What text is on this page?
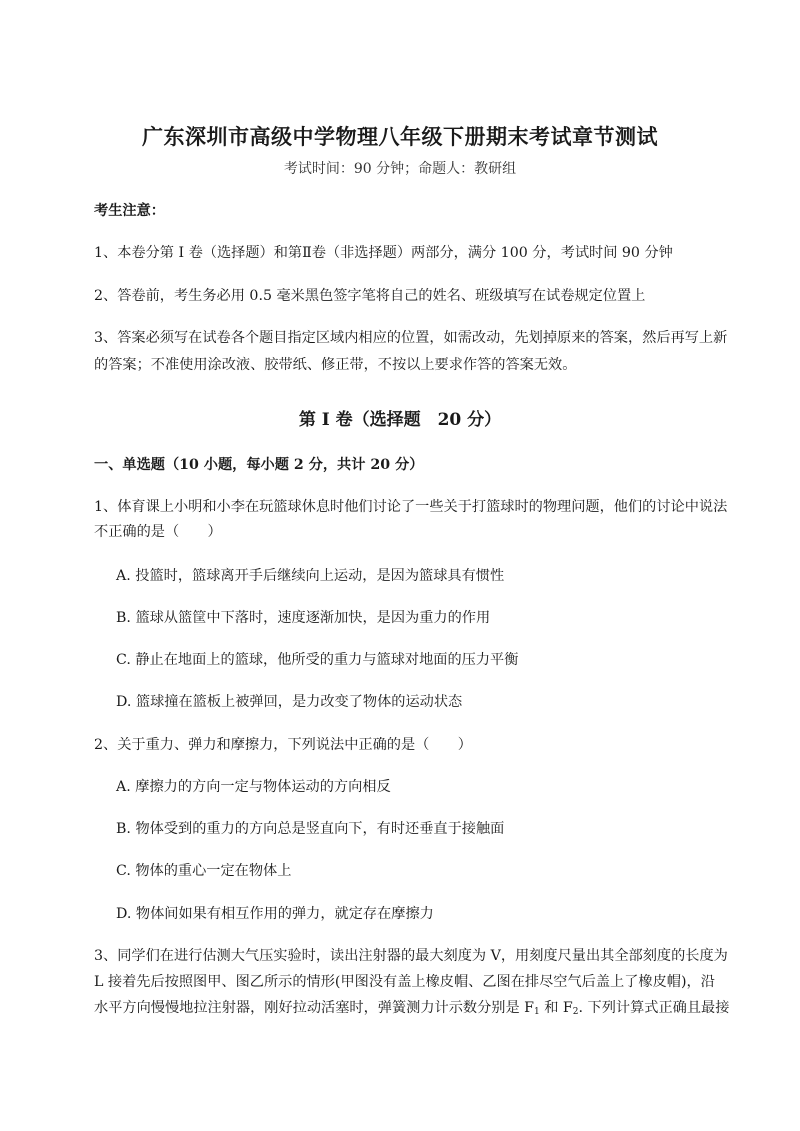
广东深圳市高级中学物理八年级下册期末考试章节测试
考试时间：90 分钟；命题人：教研组
考生注意：
1、本卷分第 I 卷（选择题）和第Ⅱ卷（非选择题）两部分，满分 100 分，考试时间 90 分钟
2、答卷前，考生务必用 0.5 毫米黑色签字笔将自己的姓名、班级填写在试卷规定位置上
3、答案必须写在试卷各个题目指定区域内相应的位置，如需改动，先划掉原来的答案，然后再写上新
的答案；不准使用涂改液、胶带纸、修正带，不按以上要求作答的答案无效。
第 I 卷（选择题　20 分）
一、单选题（10 小题，每小题 2 分，共计 20 分）
1、体育课上小明和小李在玩篮球休息时他们讨论了一些关于打篮球时的物理问题，他们的讨论中说法
不正确的是（　　）
A. 投篮时，篮球离开手后继续向上运动，是因为篮球具有惯性
B. 篮球从篮筐中下落时，速度逐渐加快，是因为重力的作用
C. 静止在地面上的篮球，他所受的重力与篮球对地面的压力平衡
D. 篮球撞在篮板上被弹回，是力改变了物体的运动状态
2、关于重力、弹力和摩擦力，下列说法中正确的是（　　）
A. 摩擦力的方向一定与物体运动的方向相反
B. 物体受到的重力的方向总是竖直向下，有时还垂直于接触面
C. 物体的重心一定在物体上
D. 物体间如果有相互作用的弹力，就定存在摩擦力
3、同学们在进行估测大气压实验时，读出注射器的最大刻度为 V，用刻度尺量出其全部刻度的长度为
L 接着先后按照图甲、图乙所示的情形(甲图没有盖上橡皮帽、乙图在排尽空气后盖上了橡皮帽)，沿
水平方向慢慢地拉注射器，刚好拉动活塞时，弹簧测力计示数分别是 $F_1$ 和 $F_2$. 下列计算式正确且最接
